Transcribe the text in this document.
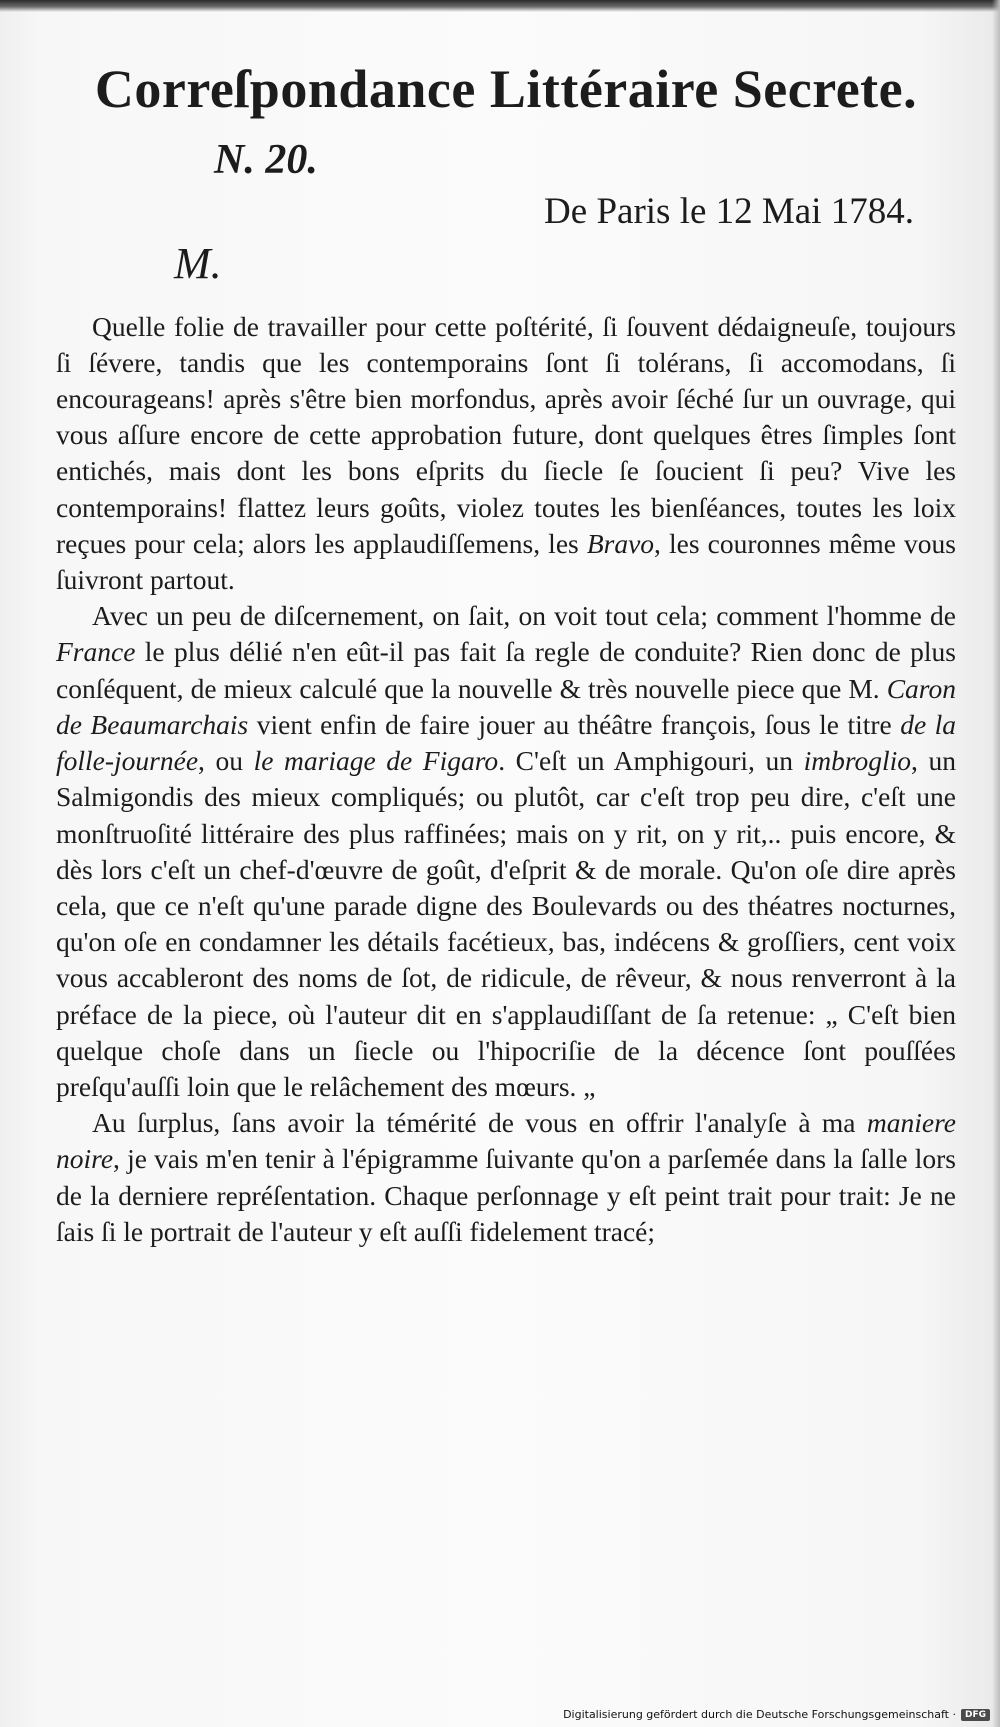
Correſpondance Littéraire Secrete.
N. 20.
De Paris le 12 Mai 1784.
M.

Quelle folie de travailler pour cette poſtérité, ſi ſouvent dédaigneuſe, toujours ſi ſévere, tandis que les contemporains ſont ſi tolérans, ſi accomodans, ſi encourageans! après s'être bien morfondus, après avoir ſéché ſur un ouvrage, qui vous aſſure encore de cette approbation future, dont quelques êtres ſimples ſont entichés, mais dont les bons eſprits du ſiecle ſe ſoucient ſi peu? Vive les contemporains! flattez leurs goûts, violez toutes les bienſéances, toutes les loix reçues pour cela; alors les applaudiſſemens, les Bravo, les couronnes même vous ſuivront partout.

Avec un peu de diſcernement, on ſait, on voit tout cela; comment l'homme de France le plus délié n'en eût-il pas fait ſa regle de conduite? Rien donc de plus conſéquent, de mieux calculé que la nouvelle & très nouvelle piece que M. Caron de Beaumarchais vient enfin de faire jouer au théâtre françois, ſous le titre de la folle-journée, ou le mariage de Figaro. C'eſt un Amphigouri, un imbroglio, un Salmigondis des mieux compliqués; ou plutôt, car c'eſt trop peu dire, c'eſt une monſtruoſité littéraire des plus raffinées; mais on y rit, on y rit,.. puis encore, & dès lors c'eſt un chef-d'œuvre de goût, d'eſprit & de morale. Qu'on oſe dire après cela, que ce n'eſt qu'une parade digne des Boulevards ou des théatres nocturnes, qu'on oſe en condamner les détails facétieux, bas, indécens & groſſiers, cent voix vous accableront des noms de ſot, de ridicule, de rêveur, & nous renverront à la préface de la piece, où l'auteur dit en s'applaudiſſant de ſa retenue: „ C'eſt bien quelque choſe dans un ſiecle ou l'hipocriſie de la décence ſont pouſſées preſqu'auſſi loin que le relâchement des mœurs. „

Au ſurplus, ſans avoir la témérité de vous en offrir l'analyſe à ma maniere noire, je vais m'en tenir à l'épigramme ſuivante qu'on a parſemée dans la ſalle lors de la derniere repréſentation. Chaque perſonnage y eſt peint trait pour trait: Je ne ſais ſi le portrait de l'auteur y eſt auſſi fidelement tracé;

Digitalisierung gefördert durch die Deutsche Forschungsgemeinschaft ·	DFG
